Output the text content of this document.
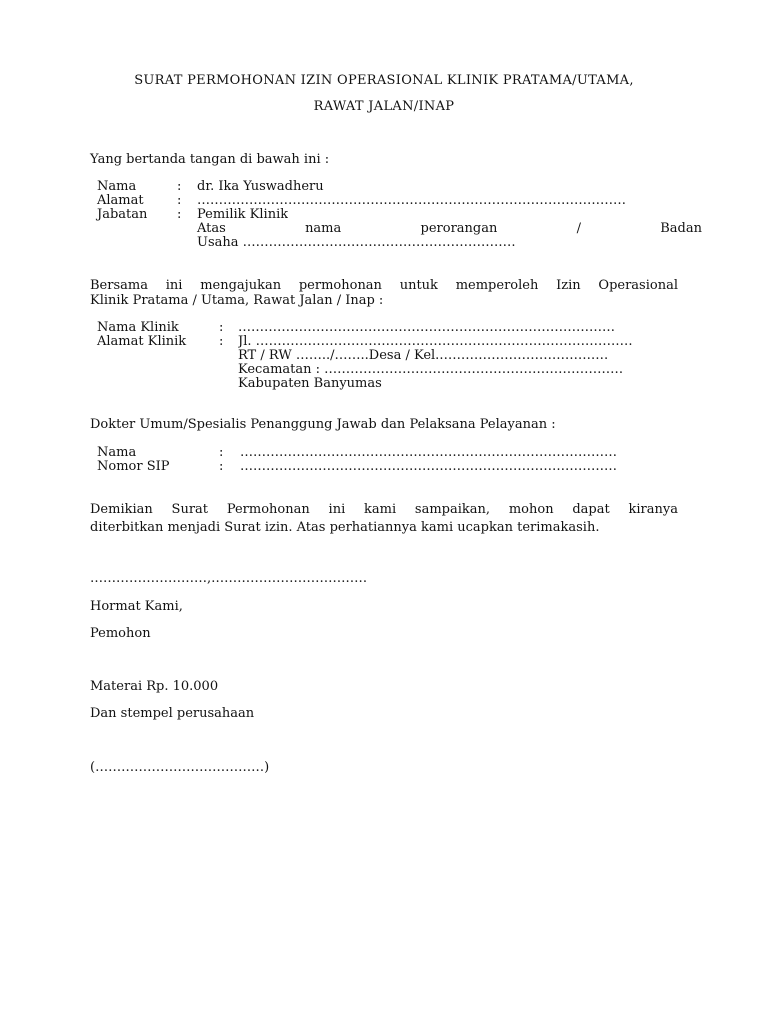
SURAT PERMOHONAN IZIN OPERASIONAL KLINIK PRATAMA/UTAMA,
RAWAT JALAN/INAP
Yang bertanda tangan di bawah ini :
Nama	: dr. Ika Yuswadheru
Alamat	: ………………………………………………………………………………………
Jabatan : Pemilik Klinik
Atas	nama	perorangan	/	Badan
Usaha ………………………………………………………
Bersama ini mengajukan permohonan untuk memperoleh Izin Operasional
Klinik Pratama / Utama, Rawat Jalan / Inap :
Nama Klinik	: ……………………………………………………………………………
Alamat Klinik	: Jl. ……………………………………………………………………………
RT / RW ……../……..Desa / Kel.…………………………………
Kecamatan : ……………………………………………………………
Kabupaten Banyumas
Dokter Umum/Spesialis Penanggung Jawab dan Pelaksana Pelayanan :
Nama	: ……………………………………………………………………………
Nomor SIP	: ……………………………………………………………………………
Demikian Surat Permohonan ini kami sampaikan, mohon dapat kiranya
diterbitkan menjadi Surat izin. Atas perhatiannya kami ucapkan terimakasih.
………………………,………………………………
Hormat Kami,
Pemohon
Materai Rp. 10.000
Dan stempel perusahaan
(…………………………………)
